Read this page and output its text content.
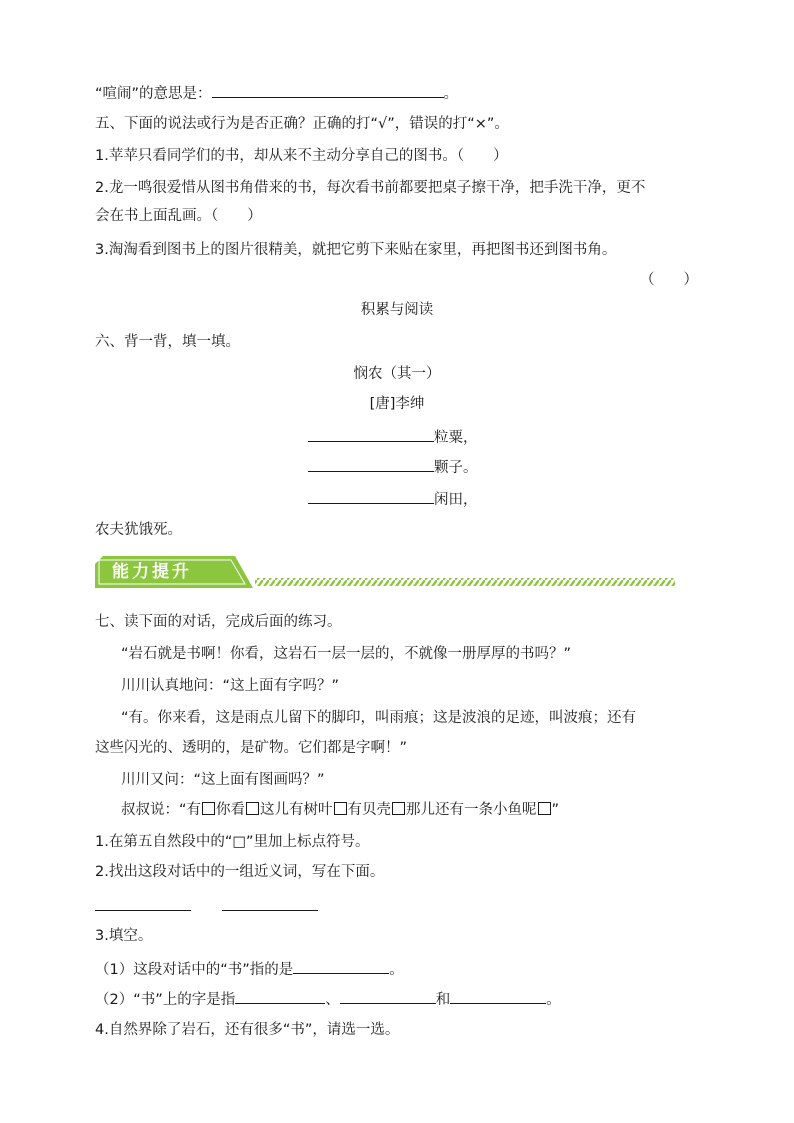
“喧闹”的意思是：	。
五、下面的说法或行为是否正确？正确的打“√”，错误的打“×”。
1.苹苹只看同学们的书，却从来不主动分享自己的图书。（　　）
2.龙一鸣很爱惜从图书角借来的书，每次看书前都要把桌子擦干净，把手洗干净，更不
会在书上面乱画。（　　）
3.淘淘看到图书上的图片很精美，就把它剪下来贴在家里，再把图书还到图书角。
（　　）
积累与阅读
六、背一背，填一填。
悯农（其一）
[唐]李绅
粒粟，
颗子。
闲田，
农夫犹饿死。
能力提升
七、读下面的对话，完成后面的练习。
“岩石就是书啊！你看，这岩石一层一层的，不就像一册厚厚的书吗？”
川川认真地问：“这上面有字吗？”
“有。你来看，这是雨点儿留下的脚印，叫雨痕；这是波浪的足迹，叫波痕；还有
这些闪光的、透明的，是矿物。它们都是字啊！”
川川又问：“这上面有图画吗？”
叔叔说：“有 你看 这儿有树叶 有贝壳 那儿还有一条小鱼呢 ”
1.在第五自然段中的“□”里加上标点符号。
2.找出这段对话中的一组近义词，写在下面。
3.填空。
（1）这段对话中的“书”指的是	。
（2）“书”上的字是指	、	和	。
4.自然界除了岩石，还有很多“书”，请选一选。
